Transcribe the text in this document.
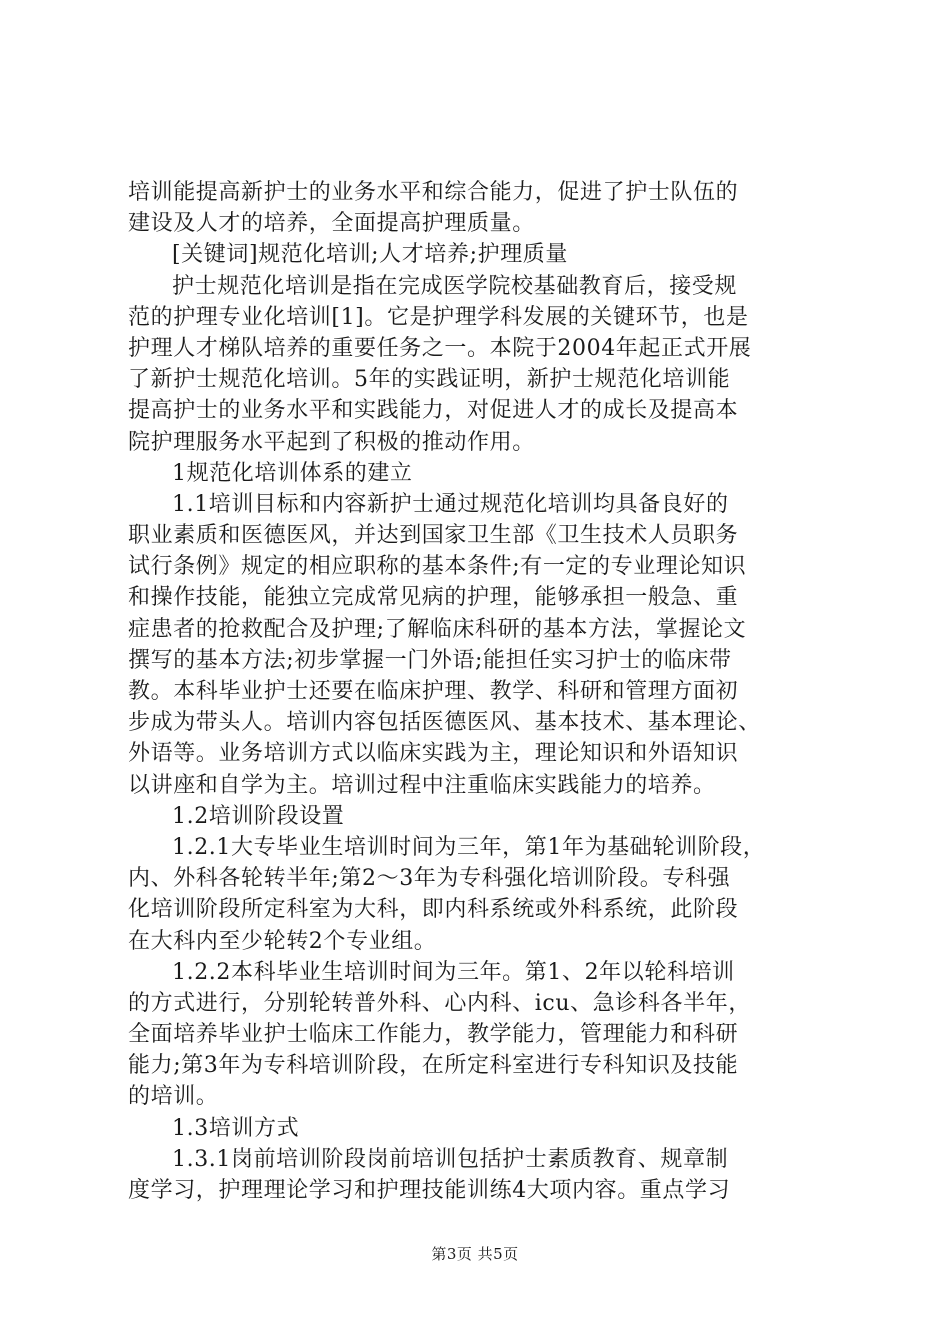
培训能提高新护士的业务水平和综合能力，促进了护士队伍的
建设及人才的培养，全面提高护理质量。
[关键词]规范化培训;人才培养;护理质量
护士规范化培训是指在完成医学院校基础教育后，接受规
范的护理专业化培训[1]。它是护理学科发展的关键环节，也是
护理人才梯队培养的重要任务之一。本院于2004年起正式开展
了新护士规范化培训。5年的实践证明，新护士规范化培训能
提高护士的业务水平和实践能力，对促进人才的成长及提高本
院护理服务水平起到了积极的推动作用。
1规范化培训体系的建立
1.1培训目标和内容新护士通过规范化培训均具备良好的
职业素质和医德医风，并达到国家卫生部《卫生技术人员职务
试行条例》规定的相应职称的基本条件;有一定的专业理论知识
和操作技能，能独立完成常见病的护理，能够承担一般急、重
症患者的抢救配合及护理;了解临床科研的基本方法，掌握论文
撰写的基本方法;初步掌握一门外语;能担任实习护士的临床带
教。本科毕业护士还要在临床护理、教学、科研和管理方面初
步成为带头人。培训内容包括医德医风、基本技术、基本理论、
外语等。业务培训方式以临床实践为主，理论知识和外语知识
以讲座和自学为主。培训过程中注重临床实践能力的培养。
1.2培训阶段设置
1.2.1大专毕业生培训时间为三年，第1年为基础轮训阶段，
内、外科各轮转半年;第2～3年为专科强化培训阶段。专科强
化培训阶段所定科室为大科，即内科系统或外科系统，此阶段
在大科内至少轮转2个专业组。
1.2.2本科毕业生培训时间为三年。第1、2年以轮科培训
的方式进行，分别轮转普外科、心内科、icu、急诊科各半年，
全面培养毕业护士临床工作能力，教学能力，管理能力和科研
能力;第3年为专科培训阶段，在所定科室进行专科知识及技能
的培训。
1.3培训方式
1.3.1岗前培训阶段岗前培训包括护士素质教育、规章制
度学习，护理理论学习和护理技能训练4大项内容。重点学习
第3页 共5页
